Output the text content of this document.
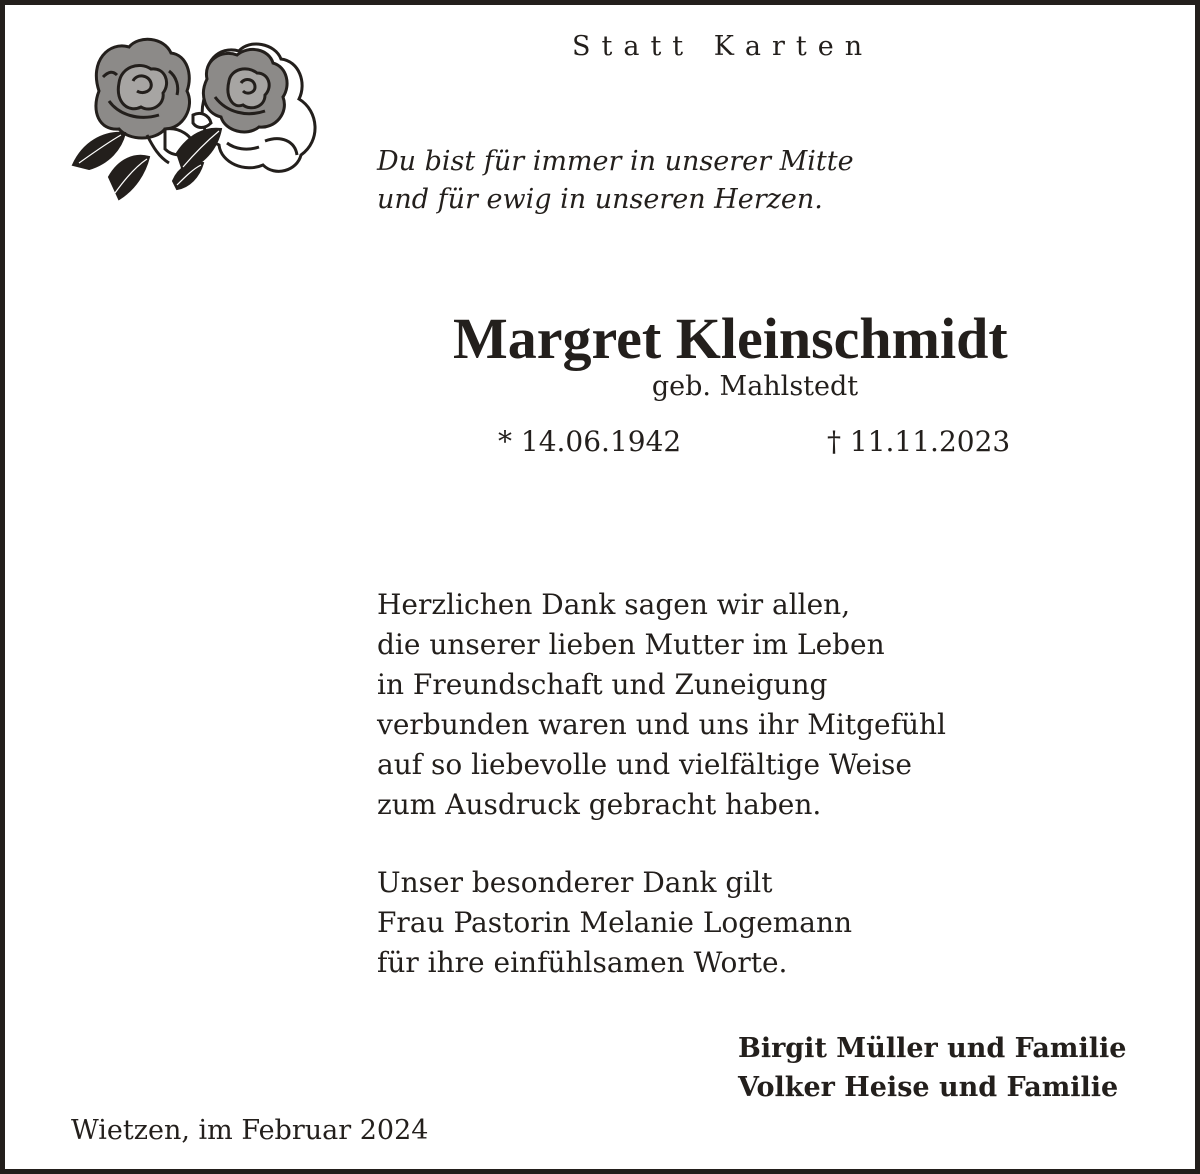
Statt Karten

Du bist für immer in unserer Mitte
und für ewig in unseren Herzen.

Margret Kleinschmidt

geb. Mahlstedt

* 14.06.1942	† 11.11.2023

Herzlichen Dank sagen wir allen,
die unserer lieben Mutter im Leben
in Freundschaft und Zuneigung
verbunden waren und uns ihr Mitgefühl
auf so liebevolle und vielfältige Weise
zum Ausdruck gebracht haben.

Unser besonderer Dank gilt
Frau Pastorin Melanie Logemann
für ihre einfühlsamen Worte.

Birgit Müller und Familie
Volker Heise und Familie

Wietzen, im Februar 2024
